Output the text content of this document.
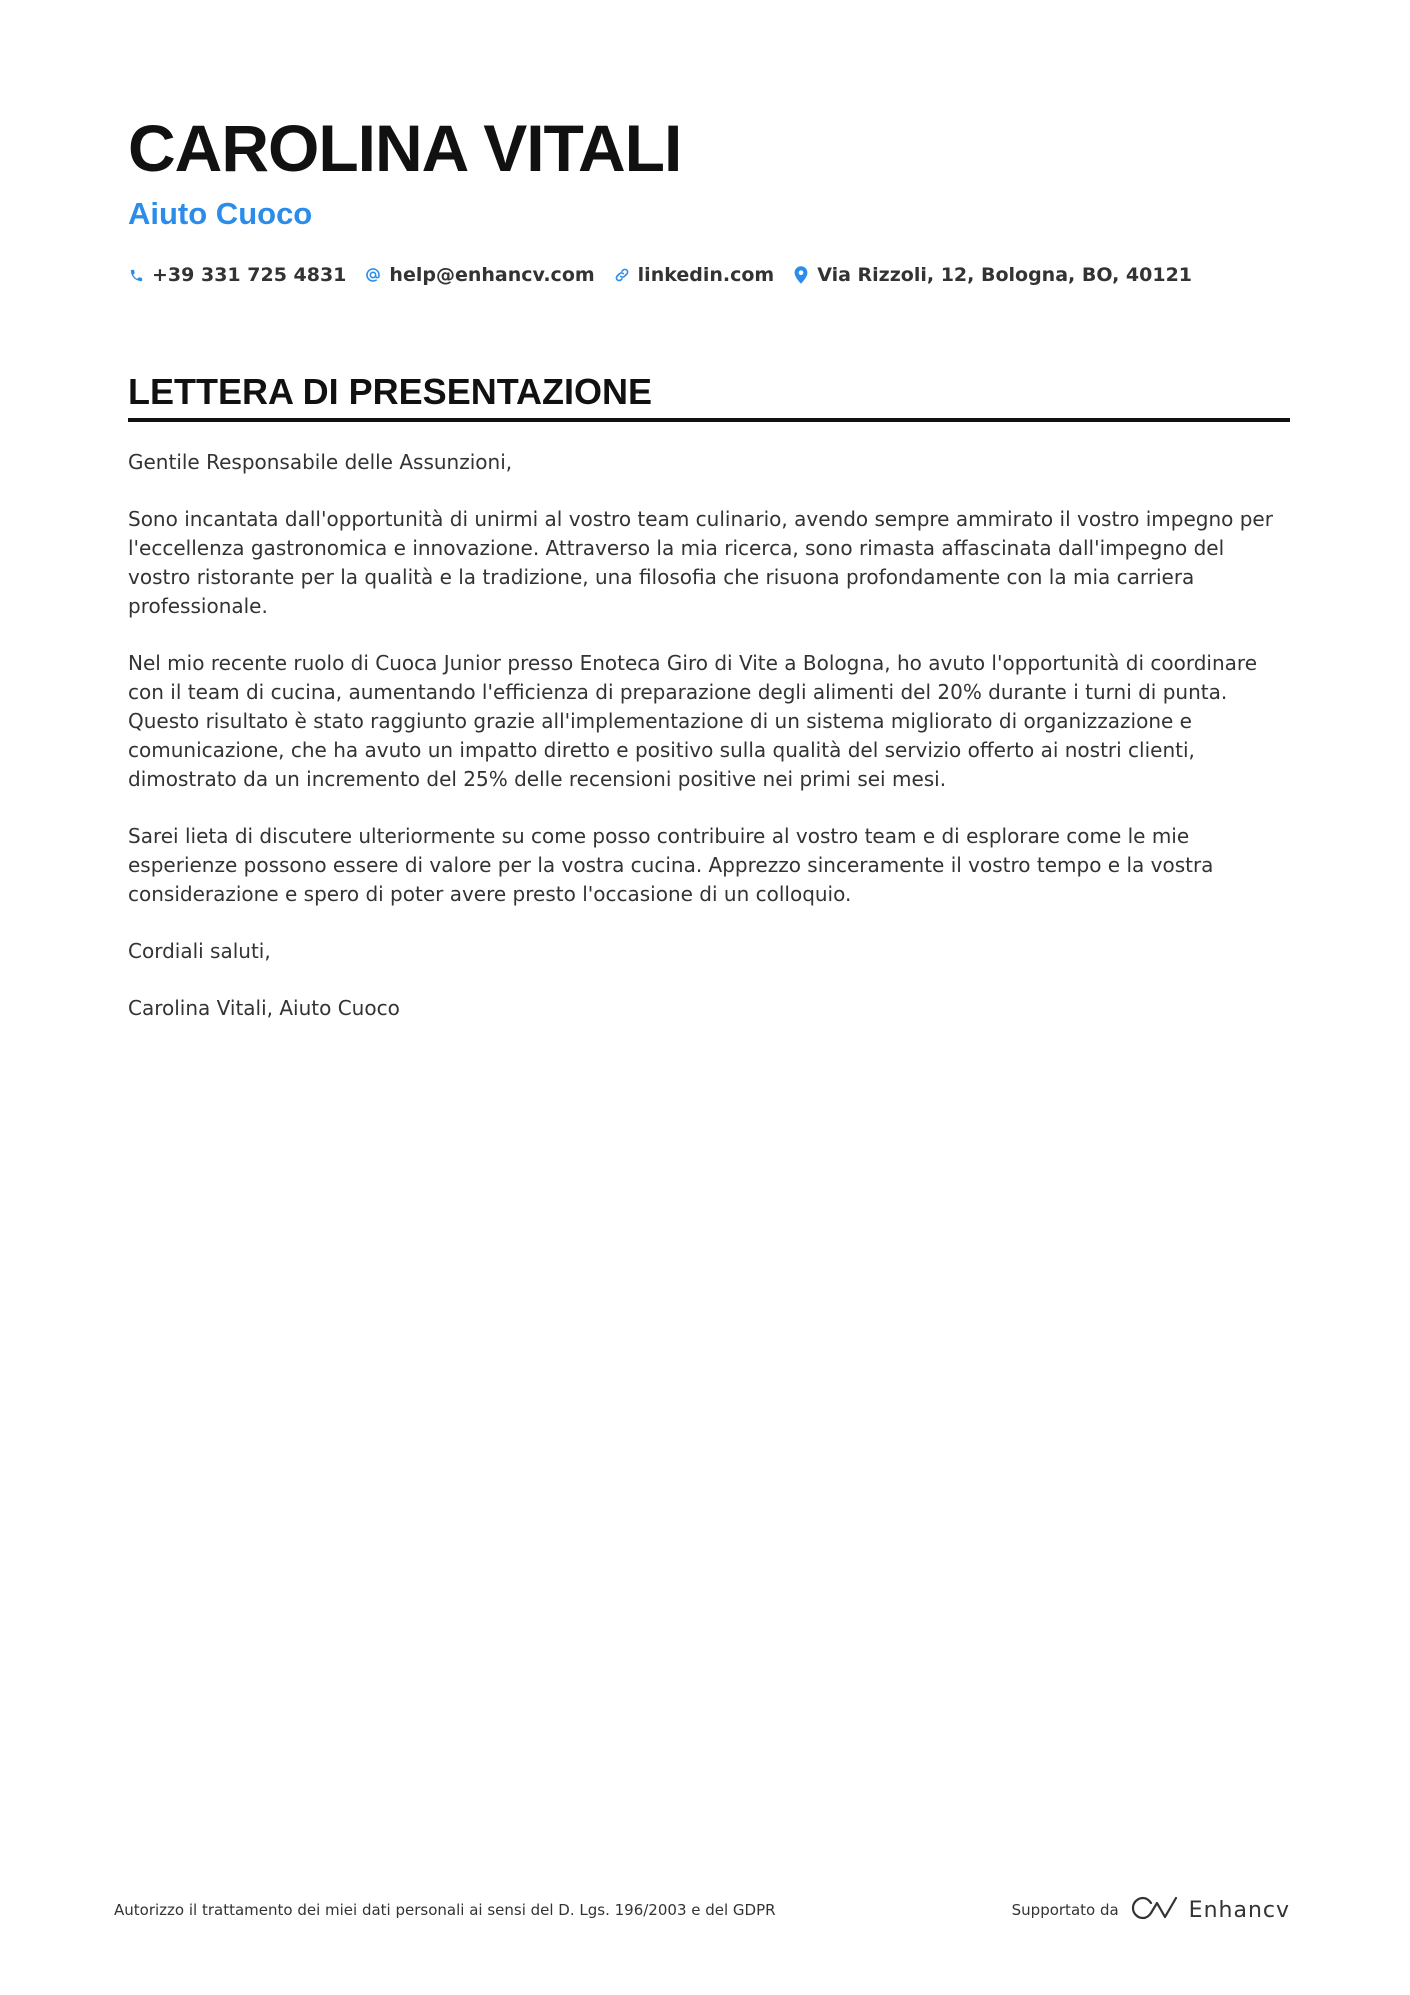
CAROLINA VITALI
Aiuto Cuoco
+39 331 725 4831 help@enhancv.com linkedin.com Via Rizzoli, 12, Bologna, BO, 40121
LETTERA DI PRESENTAZIONE

Gentile Responsabile delle Assunzioni,

Sono incantata dall'opportunità di unirmi al vostro team culinario, avendo sempre ammirato il vostro impegno per l'eccellenza gastronomica e innovazione. Attraverso la mia ricerca, sono rimasta affascinata dall'impegno del vostro ristorante per la qualità e la tradizione, una filosofia che risuona profondamente con la mia carriera professionale.

Nel mio recente ruolo di Cuoca Junior presso Enoteca Giro di Vite a Bologna, ho avuto l'opportunità di coordinare con il team di cucina, aumentando l'efficienza di preparazione degli alimenti del 20% durante i turni di punta. Questo risultato è stato raggiunto grazie all'implementazione di un sistema migliorato di organizzazione e comunicazione, che ha avuto un impatto diretto e positivo sulla qualità del servizio offerto ai nostri clienti, dimostrato da un incremento del 25% delle recensioni positive nei primi sei mesi.

Sarei lieta di discutere ulteriormente su come posso contribuire al vostro team e di esplorare come le mie esperienze possono essere di valore per la vostra cucina. Apprezzo sinceramente il vostro tempo e la vostra considerazione e spero di poter avere presto l'occasione di un colloquio.

Cordiali saluti,

Carolina Vitali, Aiuto Cuoco

Autorizzo il trattamento dei miei dati personali ai sensi del D. Lgs. 196/2003 e del GDPR	Supportato da	Enhancv
